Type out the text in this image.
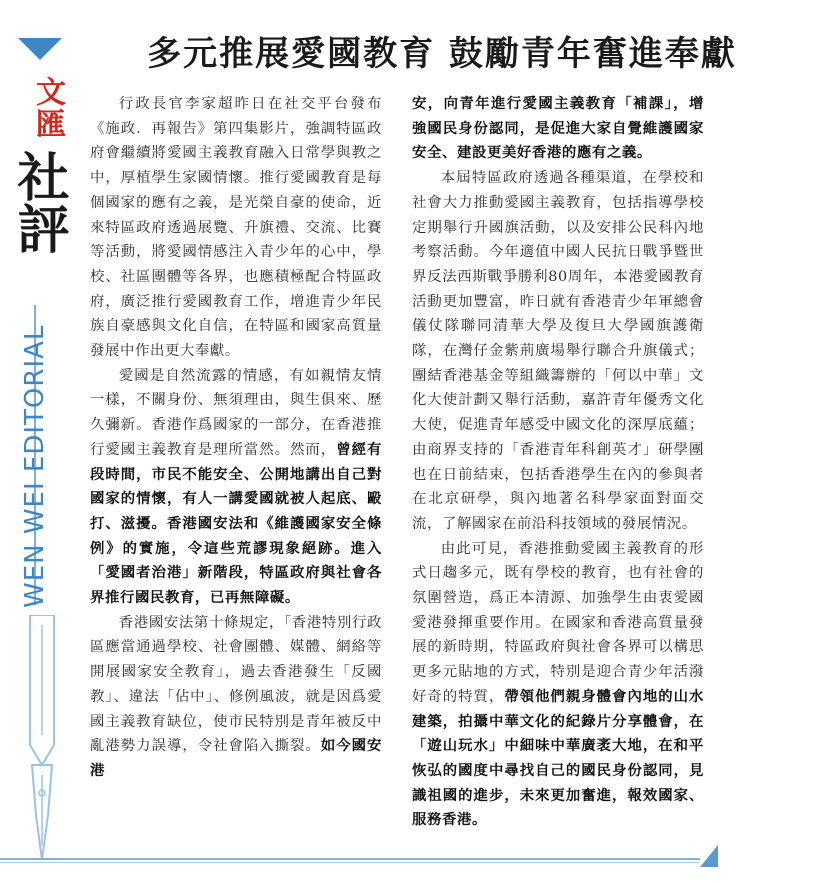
文匯
社評
WEN WEI EDITORIAL
多元推展愛國教育 鼓勵青年奮進奉獻

行政長官李家超昨日在社交平台發布《施政．再報告》第四集影片，強調特區政府會繼續將愛國主義教育融入日常學與教之中，厚植學生家國情懷。推行愛國教育是每個國家的應有之義，是光榮自豪的使命，近來特區政府透過展覽、升旗禮、交流、比賽等活動，將愛國情感注入青少年的心中，學校、社區團體等各界，也應積極配合特區政府，廣泛推行愛國教育工作，增進青少年民族自豪感與文化自信，在特區和國家高質量發展中作出更大奉獻。

愛國是自然流露的情感，有如親情友情一樣，不關身份、無須理由，與生俱來、歷久彌新。香港作爲國家的一部分，在香港推行愛國主義教育是理所當然。然而，曾經有段時間，市民不能安全、公開地講出自己對國家的情懷，有人一講愛國就被人起底、毆打、滋擾。香港國安法和《維護國家安全條例》的實施，令這些荒謬現象絕跡。進入「愛國者治港」新階段，特區政府與社會各界推行國民教育，已再無障礙。

香港國安法第十條規定，「香港特別行政區應當通過學校、社會團體、媒體、網絡等開展國家安全教育」，過去香港發生「反國教」、違法「佔中」、修例風波，就是因爲愛國主義教育缺位，使市民特別是青年被反中亂港勢力誤導，令社會陷入撕裂。如今國安港

安，向青年進行愛國主義教育「補課」，增強國民身份認同，是促進大家自覺維護國家安全、建設更美好香港的應有之義。

本屆特區政府透過各種渠道，在學校和社會大力推動愛國主義教育，包括指導學校定期舉行升國旗活動，以及安排公民科內地考察活動。今年適值中國人民抗日戰爭暨世界反法西斯戰爭勝利80周年，本港愛國教育活動更加豐富，昨日就有香港青少年軍總會儀仗隊聯同清華大學及復旦大學國旗護衛隊，在灣仔金紫荊廣場舉行聯合升旗儀式；團結香港基金等組織籌辦的「何以中華」文化大使計劃又舉行活動，嘉許青年優秀文化大使，促進青年感受中國文化的深厚底蘊；由商界支持的「香港青年科創英才」研學團也在日前結束，包括香港學生在內的參與者在北京研學，與內地著名科學家面對面交流，了解國家在前沿科技領域的發展情況。

由此可見，香港推動愛國主義教育的形式日趨多元，既有學校的教育，也有社會的氛圍營造，爲正本清源、加強學生由衷愛國愛港發揮重要作用。在國家和香港高質量發展的新時期，特區政府與社會各界可以構思更多元貼地的方式，特別是迎合青少年活潑好奇的特質，帶領他們親身體會內地的山水建築，拍攝中華文化的紀錄片分享體會，在「遊山玩水」中細味中華廣袤大地，在和平恢弘的國度中尋找自己的國民身份認同，見識祖國的進步，未來更加奮進，報效國家、服務香港。
